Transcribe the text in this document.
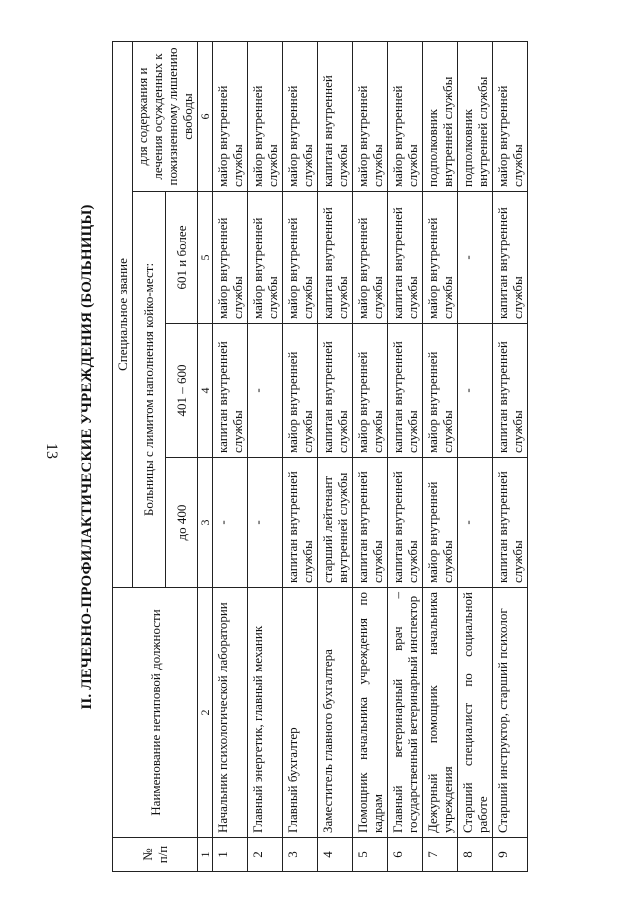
13	II. ЛЕЧЕБНО-ПРОФИЛАКТИЧЕСКИЕ УЧРЕЖДЕНИЯ (БОЛЬНИЦЫ)
№ п/п	Наименование нетиповой должности	Специальное звание			
		Больницы с лимитом наполнения койко-мест:			для содержания и лечения осужденных к пожизненному лишению свободы
		до 400	401 – 600	601 и более	
1	2	3	4	5	6
1	Начальник психологической лаборатории	-	капитан внутренней службы	майор внутренней службы	майор внутренней службы
2	Главный энергетик, главный механик	-	-	майор внутренней службы	майор внутренней службы
3	Главный бухгалтер	капитан внутренней службы	майор внутренней службы	майор внутренней службы	майор внутренней службы
4	Заместитель главного бухгалтера	старший лейтенант внутренней службы	капитан внутренней службы	капитан внутренней службы	капитан внутренней службы
5	Помощник начальника учреждения по кадрам	капитан внутренней службы	майор внутренней службы	майор внутренней службы	майор внутренней службы
6	Главный ветеринарный врач – государственный ветеринарный инспектор	капитан внутренней службы	капитан внутренней службы	капитан внутренней службы	майор внутренней службы
7	Дежурный помощник начальника учреждения	майор внутренней службы	майор внутренней службы	майор внутренней службы	подполковник внутренней службы
8	Старший специалист по социальной работе	-	-	-	подполковник внутренней службы
9	Старший инструктор, старший психолог	капитан внутренней службы	капитан внутренней службы	капитан внутренней службы	майор внутренней службы
